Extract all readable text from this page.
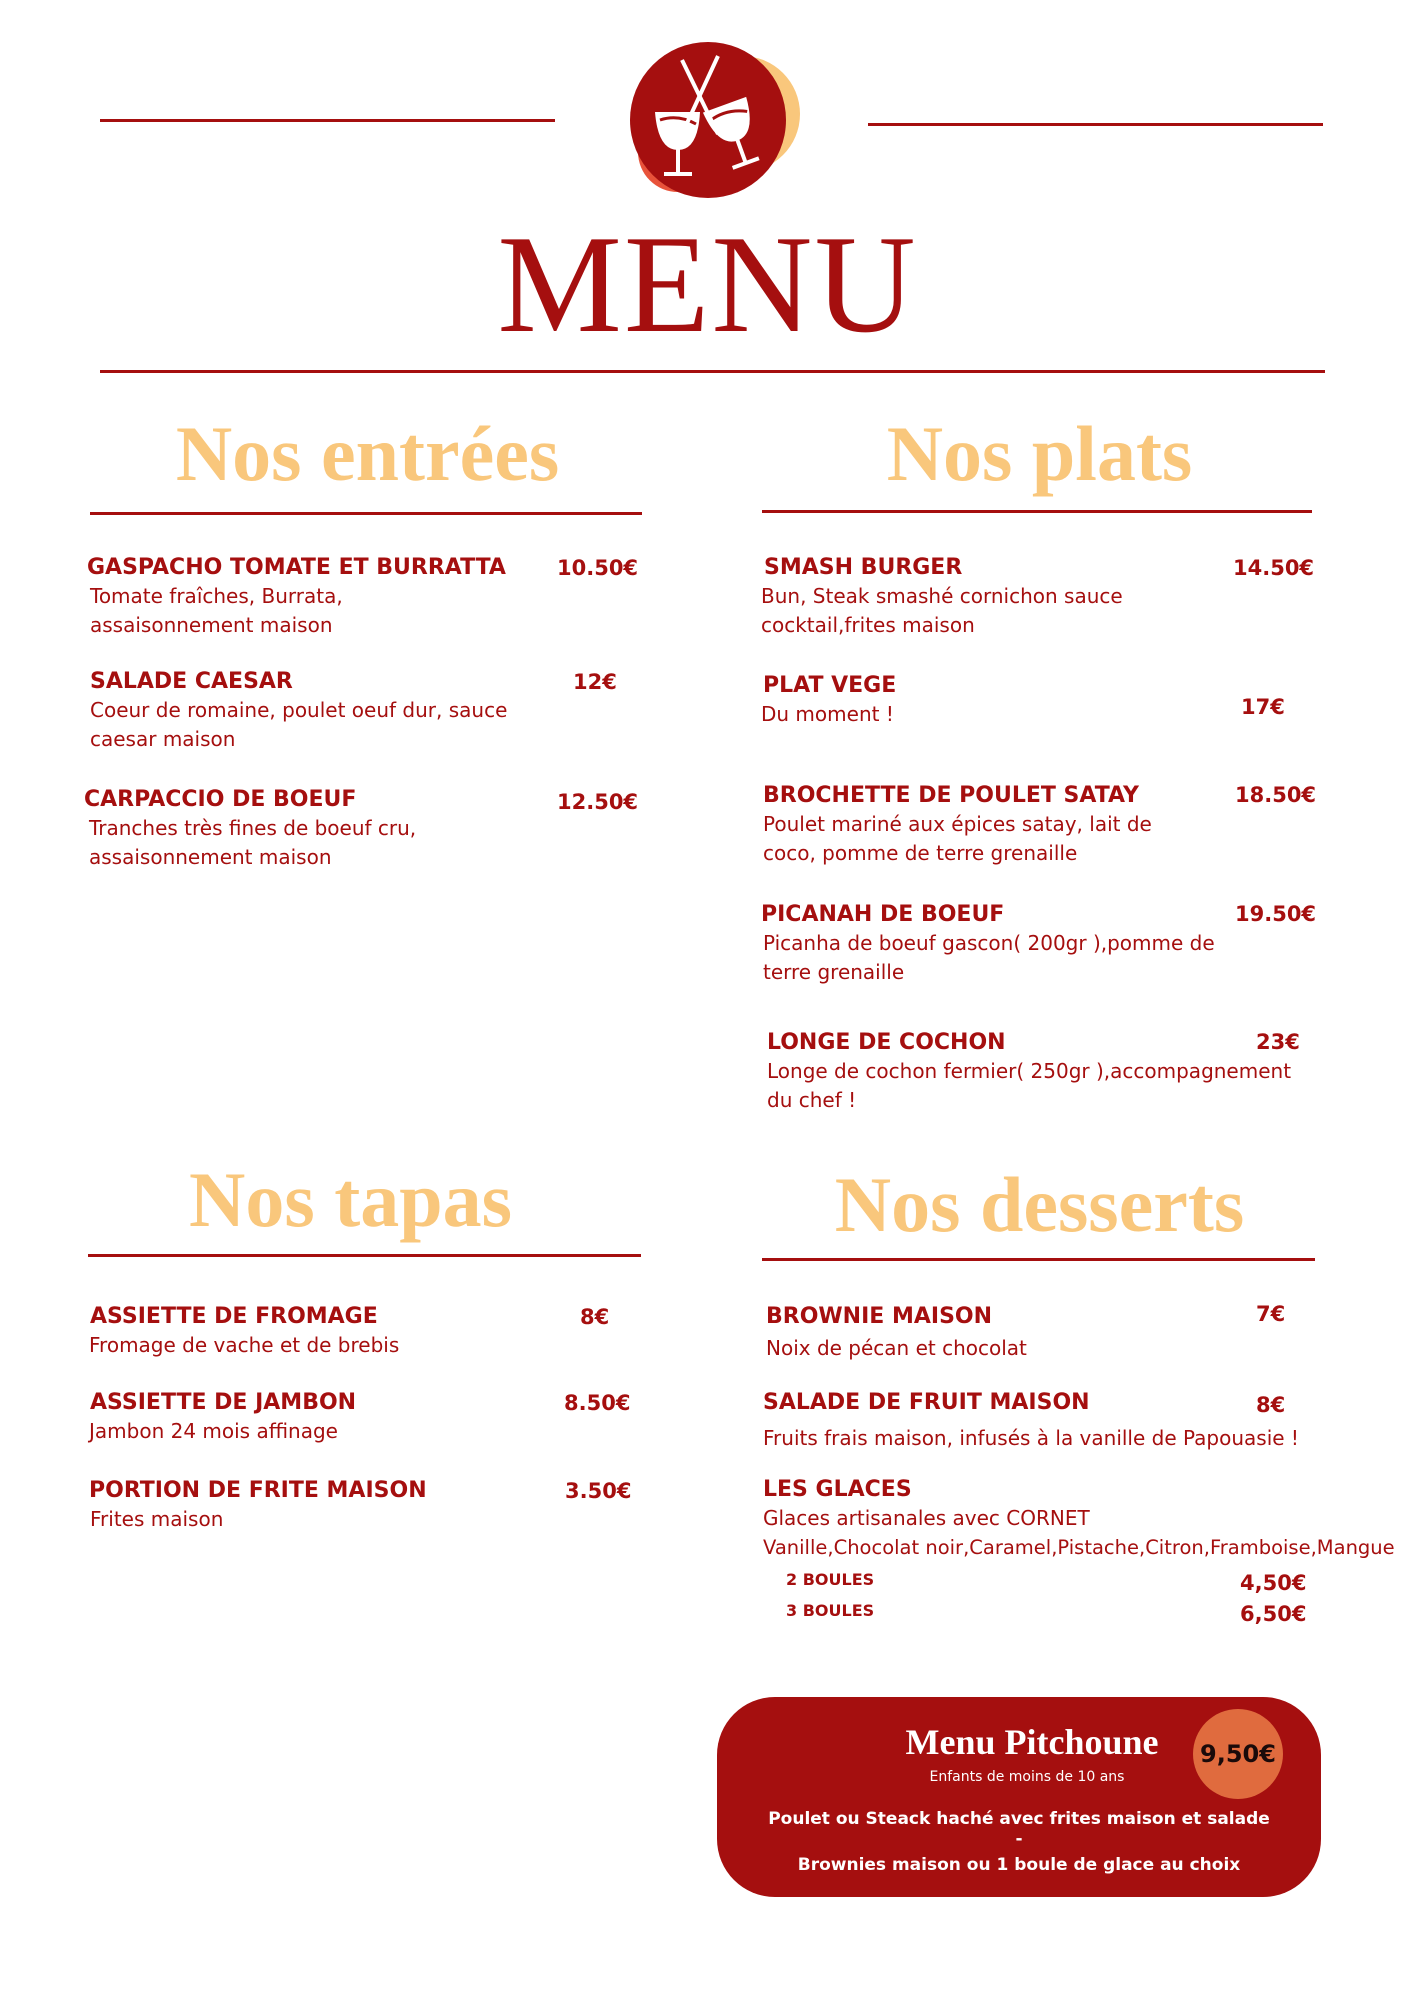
MENU
Nos entrées
GASPACHO TOMATE ET BURRATTA
Tomate fraîches, Burrata, assaisonnement maison
10.50€
SALADE CAESAR
Coeur de romaine, poulet oeuf dur, sauce caesar maison
12€
CARPACCIO DE BOEUF
Tranches très fines de boeuf cru, assaisonnement maison
12.50€
Nos plats
SMASH BURGER
Bun, Steak smashé cornichon sauce cocktail,frites maison
14.50€
PLAT VEGE
Du moment !	17€
BROCHETTE DE POULET SATAY
Poulet mariné aux épices satay, lait de coco, pomme de terre grenaille
18.50€
PICANAH DE BOEUF
Picanha de boeuf gascon( 200gr ),pomme de terre grenaille
19.50€
LONGE DE COCHON
Longe de cochon fermier( 250gr ),accompagnement du chef !
23€
Nos tapas
ASSIETTE DE FROMAGE
Fromage de vache et de brebis
8€
ASSIETTE DE JAMBON
Jambon 24 mois affinage
8.50€
PORTION DE FRITE MAISON
Frites maison
3.50€
Nos desserts
BROWNIE MAISON
Noix de pécan et chocolat
7€
SALADE DE FRUIT MAISON
Fruits frais maison, infusés à la vanille de Papouasie !
8€
LES GLACES
Glaces artisanales avec CORNET
Vanille,Chocolat noir,Caramel,Pistache,Citron,Framboise,Mangue
2 BOULES	4,50€
3 BOULES	6,50€
Menu Pitchoune
Enfants de moins de 10 ans
9,50€
Poulet ou Steack haché avec frites maison et salade
-
Brownies maison ou 1 boule de glace au choix
